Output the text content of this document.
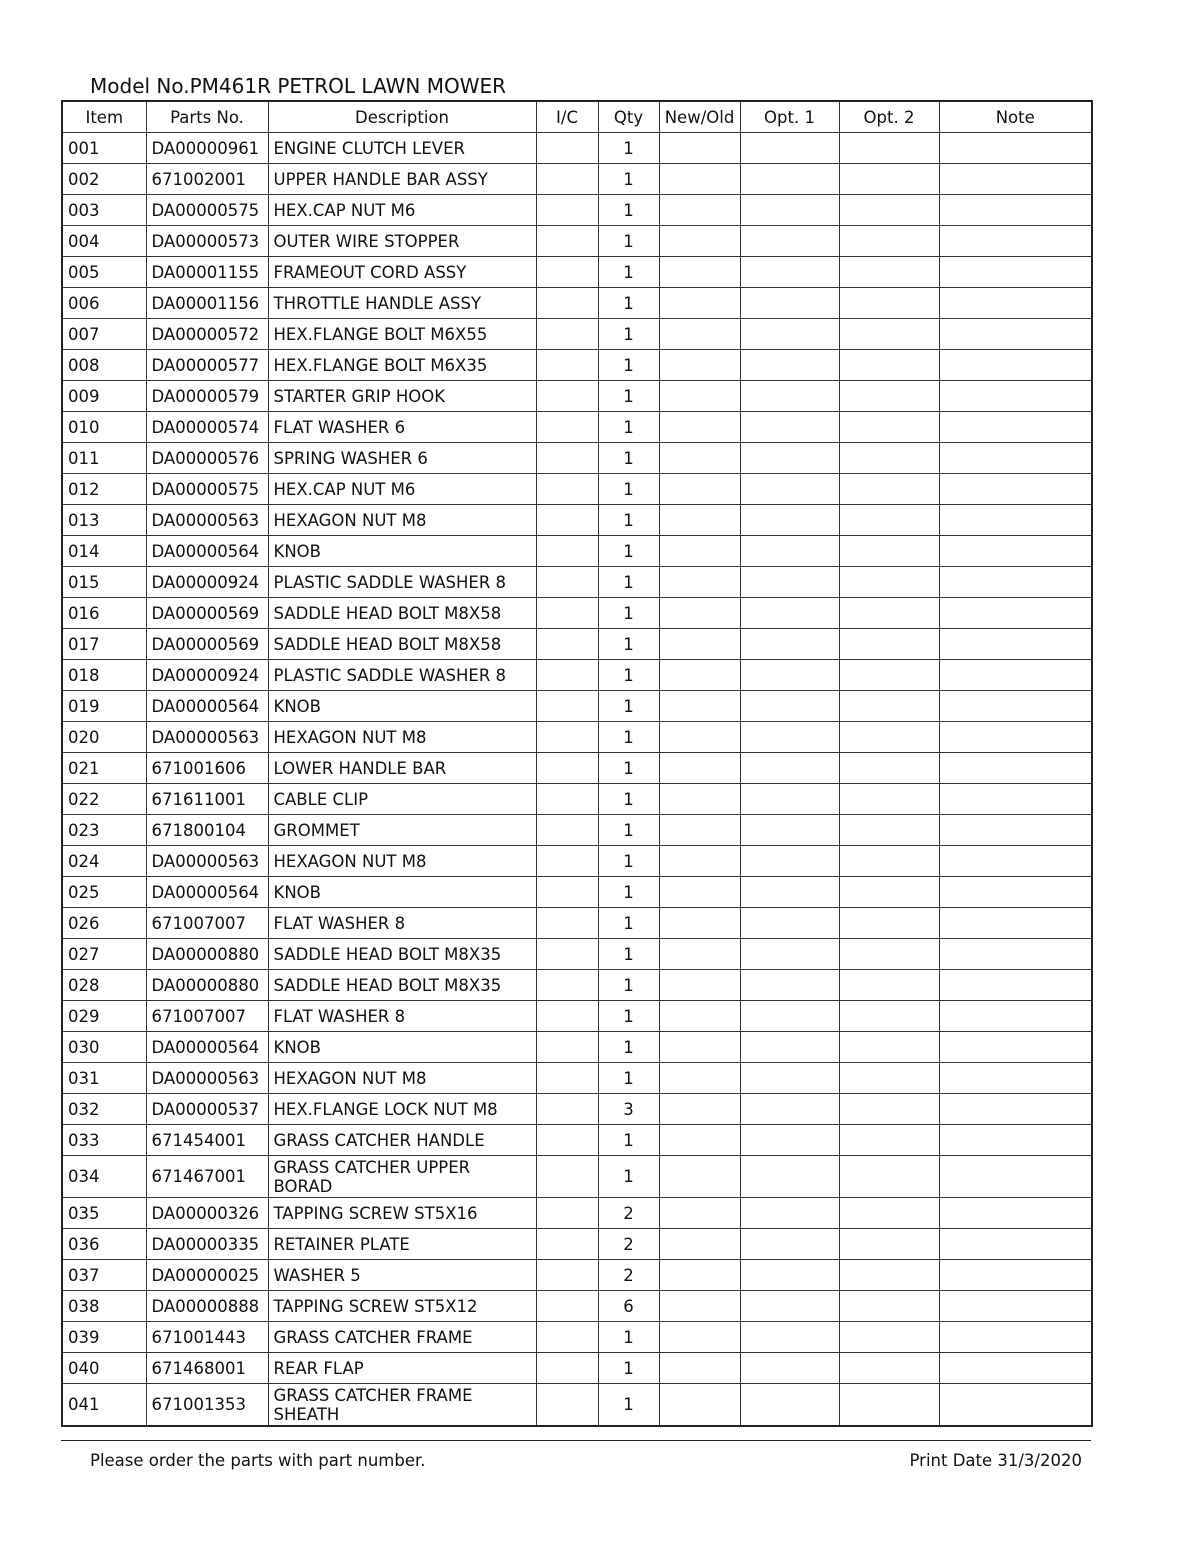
Model No.PM461R PETROL LAWN MOWER
Item	Parts No.	Description	I/C	Qty	New/Old	Opt. 1	Opt. 2	Note
001	DA00000961	ENGINE CLUTCH LEVER		1				
002	671002001	UPPER HANDLE BAR ASSY		1				
003	DA00000575	HEX.CAP NUT M6		1				
004	DA00000573	OUTER WIRE STOPPER		1				
005	DA00001155	FRAMEOUT CORD ASSY		1				
006	DA00001156	THROTTLE HANDLE ASSY		1				
007	DA00000572	HEX.FLANGE BOLT M6X55		1				
008	DA00000577	HEX.FLANGE BOLT M6X35		1				
009	DA00000579	STARTER GRIP HOOK		1				
010	DA00000574	FLAT WASHER 6		1				
011	DA00000576	SPRING WASHER 6		1				
012	DA00000575	HEX.CAP NUT M6		1				
013	DA00000563	HEXAGON NUT M8		1				
014	DA00000564	KNOB		1				
015	DA00000924	PLASTIC SADDLE WASHER 8		1				
016	DA00000569	SADDLE HEAD BOLT M8X58		1				
017	DA00000569	SADDLE HEAD BOLT M8X58		1				
018	DA00000924	PLASTIC SADDLE WASHER 8		1				
019	DA00000564	KNOB		1				
020	DA00000563	HEXAGON NUT M8		1				
021	671001606	LOWER HANDLE BAR		1				
022	671611001	CABLE CLIP		1				
023	671800104	GROMMET		1				
024	DA00000563	HEXAGON NUT M8		1				
025	DA00000564	KNOB		1				
026	671007007	FLAT WASHER 8		1				
027	DA00000880	SADDLE HEAD BOLT M8X35		1				
028	DA00000880	SADDLE HEAD BOLT M8X35		1				
029	671007007	FLAT WASHER 8		1				
030	DA00000564	KNOB		1				
031	DA00000563	HEXAGON NUT M8		1				
032	DA00000537	HEX.FLANGE LOCK NUT M8		3				
033	671454001	GRASS CATCHER HANDLE		1				
034	671467001	GRASS CATCHER UPPER BORAD		1				
035	DA00000326	TAPPING SCREW ST5X16		2				
036	DA00000335	RETAINER PLATE		2				
037	DA00000025	WASHER 5		2				
038	DA00000888	TAPPING SCREW ST5X12		6				
039	671001443	GRASS CATCHER FRAME		1				
040	671468001	REAR FLAP		1				
041	671001353	GRASS CATCHER FRAME SHEATH		1				
Please order the parts with part number.	Print Date 31/3/2020
